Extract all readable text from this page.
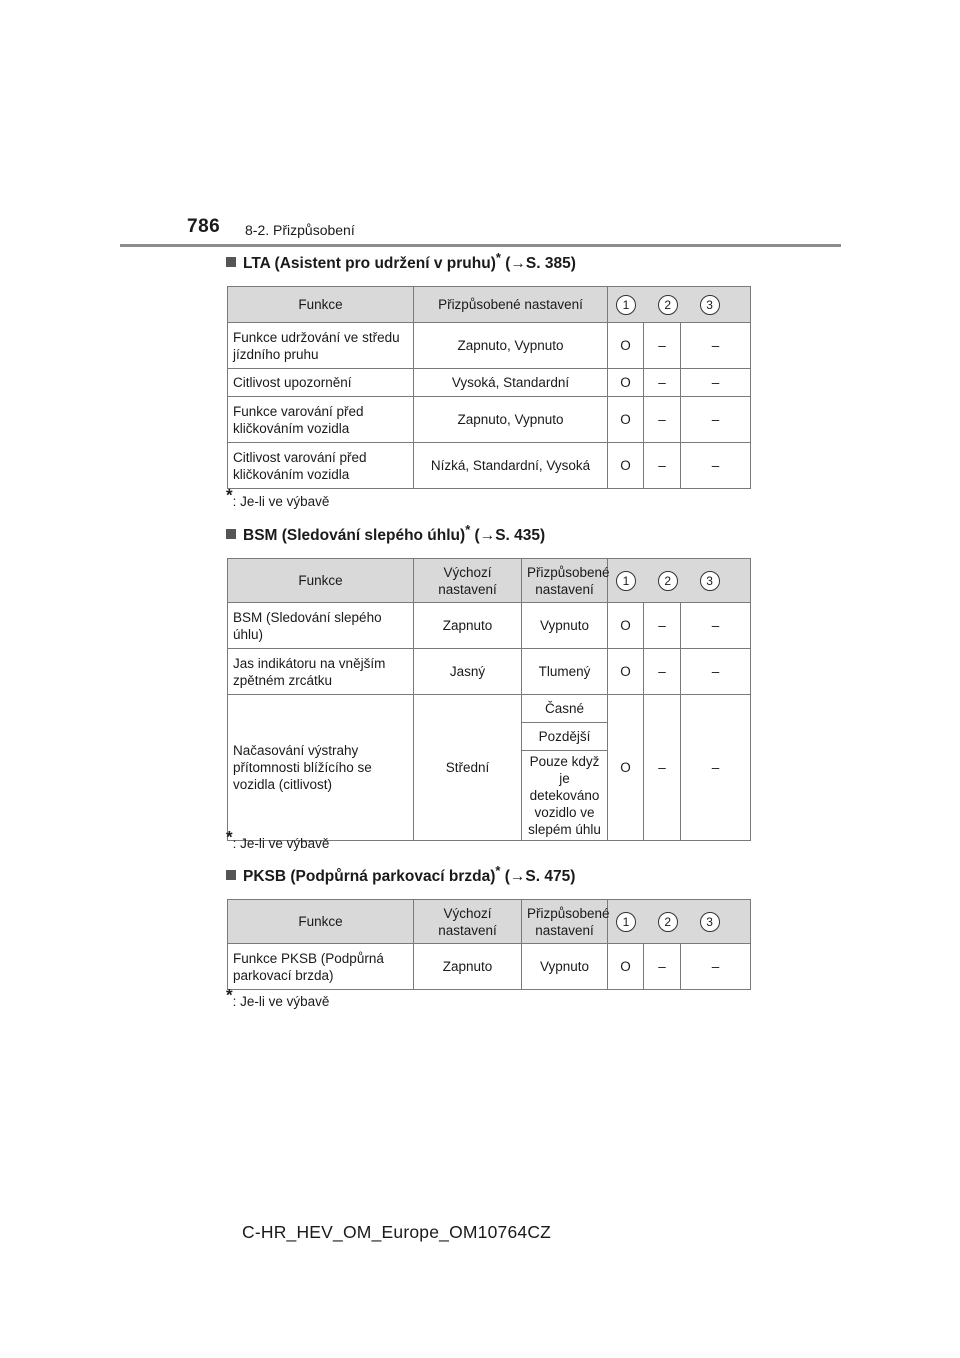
786 8-2. Přizpůsobení
LTA (Asistent pro udržení v pruhu)* (→S. 385)
Funkce	Přizpůsobené nastavení	1 2 3		
Funkce udržování ve středu jízdního pruhu	Zapnuto, Vypnuto	O	–	–
Citlivost upozornění	Vysoká, Standardní	O	–	–
Funkce varování před kličkováním vozidla	Zapnuto, Vypnuto	O	–	–
Citlivost varování před kličkováním vozidla	Nízká, Standardní, Vysoká	O	–	–
*: Je-li ve výbavě
BSM (Sledování slepého úhlu)* (→S. 435)
Funkce	Výchozí nastavení	Přizpůsobené nastavení	1 2 3		
BSM (Sledování slepého úhlu)	Zapnuto	Vypnuto	O	–	–
Jas indikátoru na vnějším zpětném zrcátku	Jasný	Tlumený	O	–	–
Načasování výstrahy přítomnosti blížícího se vozidla (citlivost)	Střední	Časné	O	–	–
		Pozdější			
		Pouze když je detekováno vozidlo ve slepém úhlu			
*: Je-li ve výbavě
PKSB (Podpůrná parkovací brzda)* (→S. 475)
Funkce	Výchozí nastavení	Přizpůsobené nastavení	1 2 3		
Funkce PKSB (Podpůrná parkovací brzda)	Zapnuto	Vypnuto	O	–	–
*: Je-li ve výbavě
C-HR_HEV_OM_Europe_OM10764CZ
